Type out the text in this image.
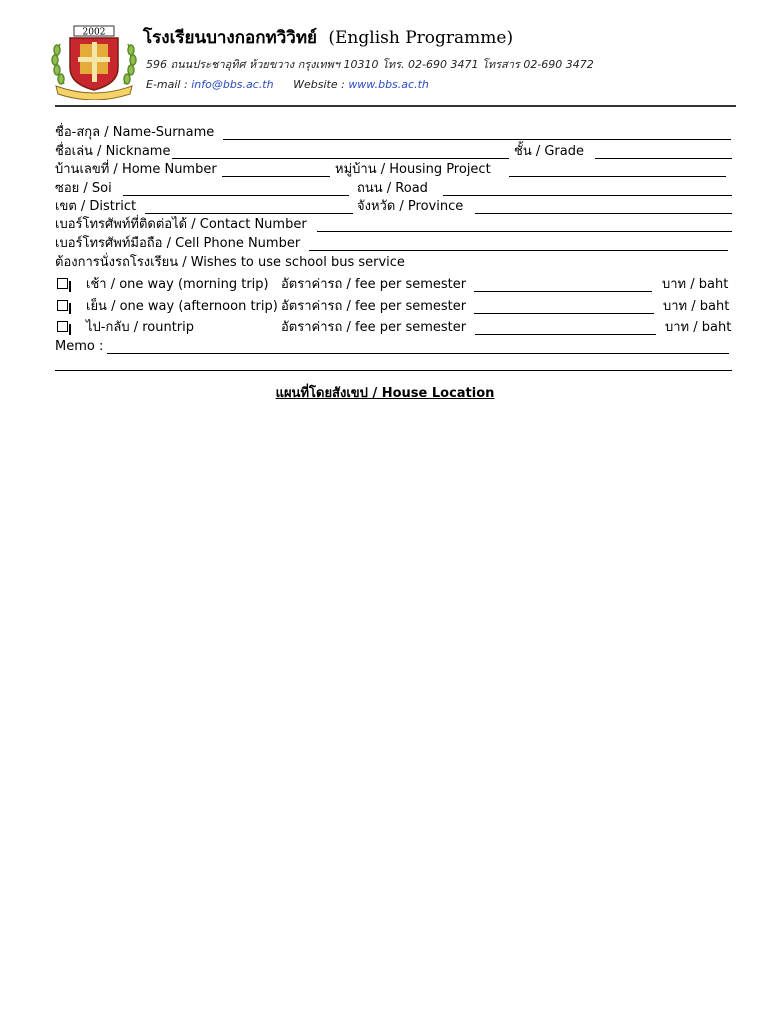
2002 โรงเรียนบางกอกทวิวิทย์ (English Programme)
596 ถนนประชาอุทิศ ห้วยขวาง กรุงเทพฯ 10310 โทร. 02-690 3471 โทรสาร 02-690 3472
E-mail : info@bbs.ac.th Website : www.bbs.ac.th
ชื่อ-สกุล / Name-Surname
ชื่อเล่น / Nickname	ชั้น / Grade
บ้านเลขที่ / Home Number	หมู่บ้าน / Housing Project
ซอย / Soi	ถนน / Road
เขต / District	จังหวัด / Province
เบอร์โทรศัพท์ที่ติดต่อได้ / Contact Number
เบอร์โทรศัพท์มือถือ / Cell Phone Number
ต้องการนั่งรถโรงเรียน / Wishes to use school bus service
เช้า / one way (morning trip) อัตราค่ารถ / fee per semester	บาท / baht
เย็น / one way (afternoon trip) อัตราค่ารถ / fee per semester	บาท / baht
ไป-กลับ / rountrip	อัตราค่ารถ / fee per semester	บาท / baht
Memo :
แผนที่โดยสังเขป / House Location
